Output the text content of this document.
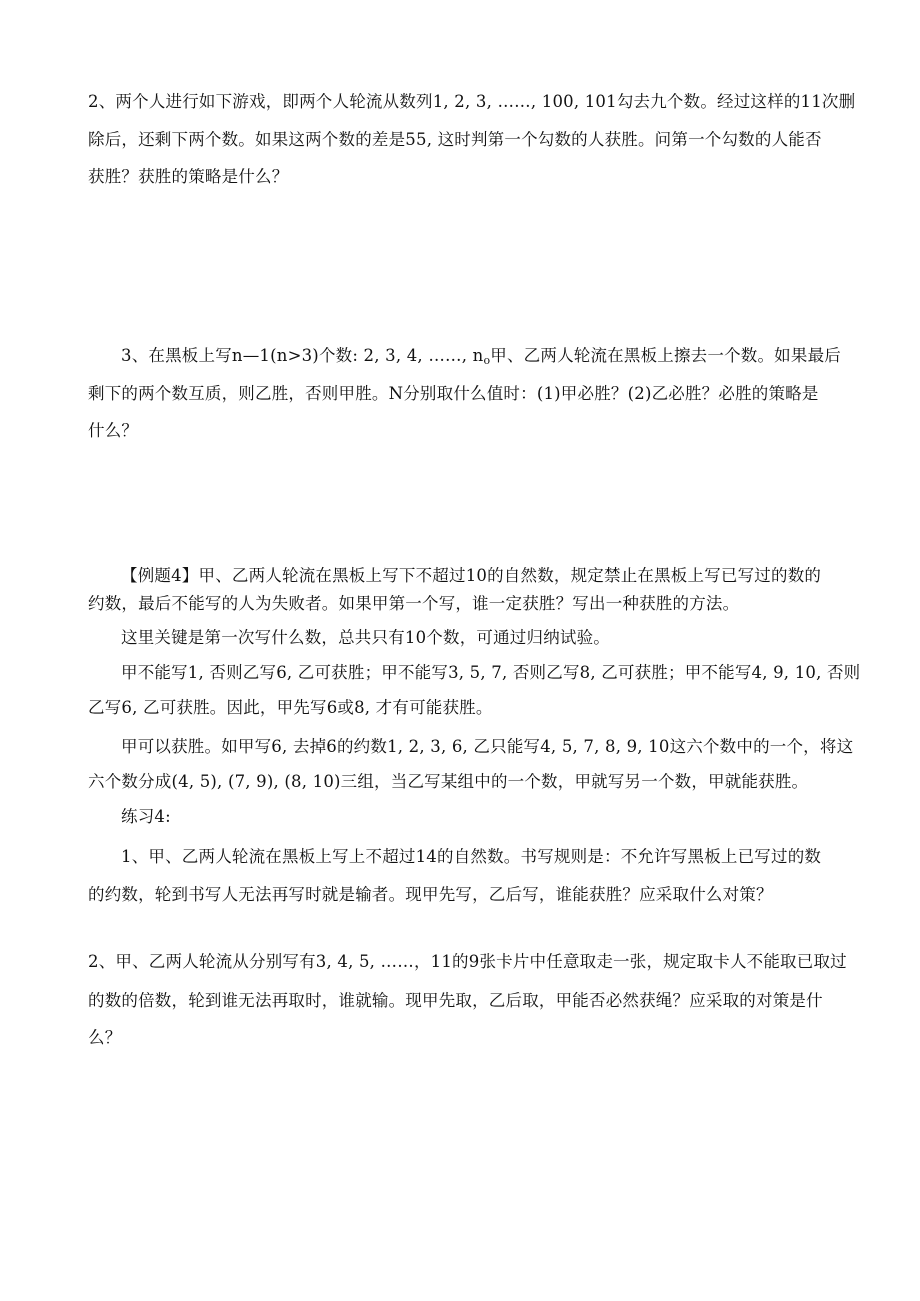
2、两个人进行如下游戏，即两个人轮流从数列1, 2, 3, ……, 100, 101勾去九个数。经过这样的11次删
除后，还剩下两个数。如果这两个数的差是55, 这时判第一个勾数的人获胜。问第一个勾数的人能否
获胜？获胜的策略是什么？
3、在黑板上写n—1(n>3)个数: 2, 3, 4, ……, $n_o$甲、乙两人轮流在黑板上擦去一个数。如果最后
剩下的两个数互质，则乙胜，否则甲胜。N分别取什么值时：(1)甲必胜？(2)乙必胜？必胜的策略是
什么？
【例题4】甲、乙两人轮流在黑板上写下不超过10的自然数，规定禁止在黑板上写已写过的数的
约数，最后不能写的人为失败者。如果甲第一个写，谁一定获胜？写出一种获胜的方法。
这里关键是第一次写什么数，总共只有10个数，可通过归纳试验。
甲不能写1, 否则乙写6, 乙可获胜；甲不能写3, 5, 7, 否则乙写8, 乙可获胜；甲不能写4, 9, 10, 否则
乙写6, 乙可获胜。因此，甲先写6或8, 才有可能获胜。
甲可以获胜。如甲写6, 去掉6的约数1, 2, 3, 6, 乙只能写4, 5, 7, 8, 9, 10这六个数中的一个，将这
六个数分成(4, 5), (7, 9), (8, 10)三组，当乙写某组中的一个数，甲就写另一个数，甲就能获胜。
练习4:
1、甲、乙两人轮流在黑板上写上不超过14的自然数。书写规则是：不允许写黑板上已写过的数
的约数，轮到书写人无法再写时就是输者。现甲先写，乙后写，谁能获胜？应采取什么对策？
2、甲、乙两人轮流从分别写有3, 4, 5, ……，11的9张卡片中任意取走一张，规定取卡人不能取已取过
的数的倍数，轮到谁无法再取时，谁就输。现甲先取，乙后取，甲能否必然获绳？应采取的对策是什
么？
